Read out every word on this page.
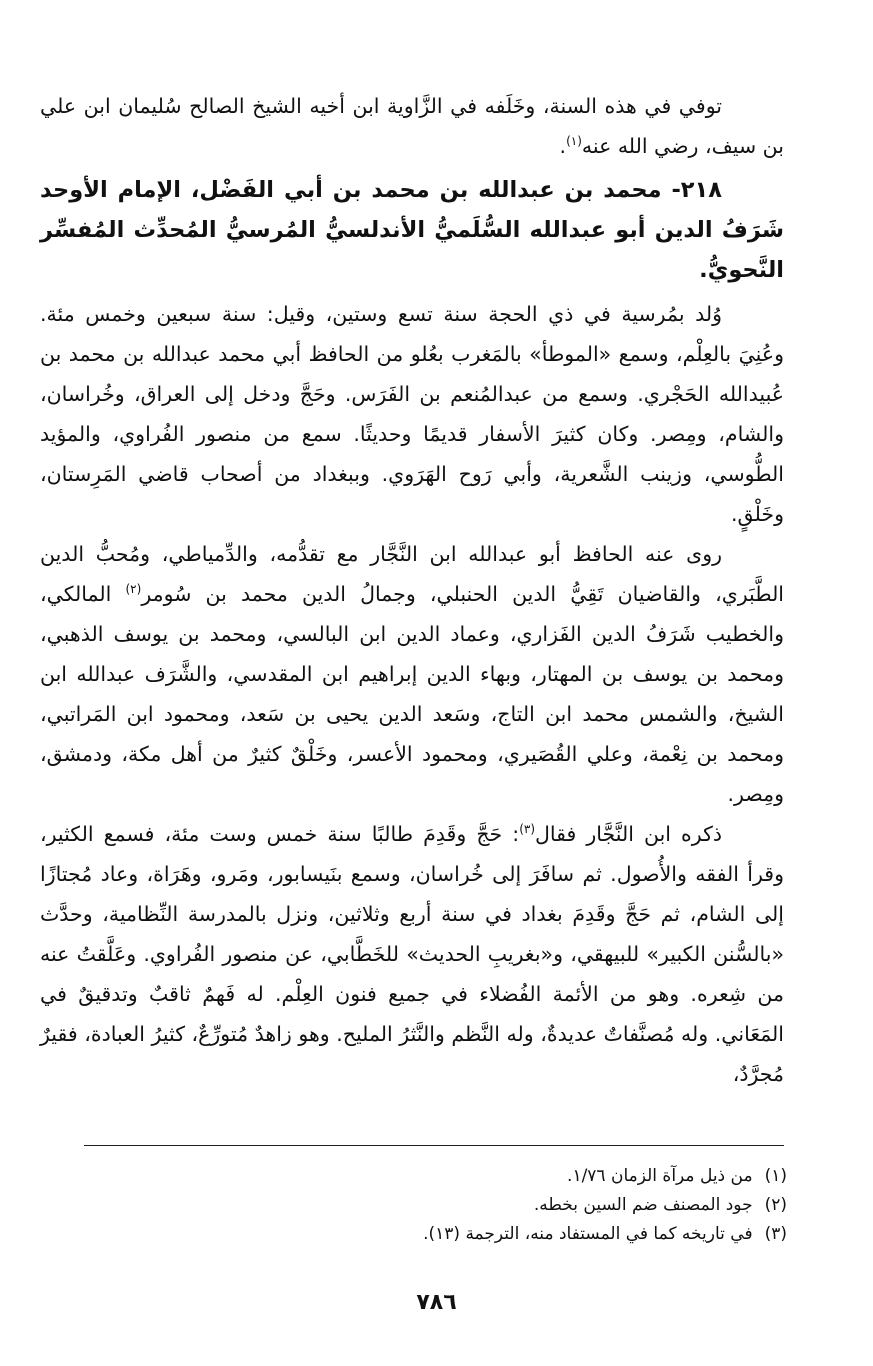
توفي في هذه السنة، وخَلَفه في الزَّاوية ابن أخيه الشيخ الصالح سُليمان ابن علي بن سيف، رضي الله عنه$^{(١)}$.

٢١٨- محمد بن عبدالله بن محمد بن أبي الفَضْل، الإمام الأوحد شَرَفُ الدين أبو عبدالله السُّلَميُّ الأندلسيُّ المُرسيُّ المُحدِّث المُفسِّر النَّحويُّ.

وُلد بمُرسية في ذي الحجة سنة تسع وستين، وقيل: سنة سبعين وخمس مئة. وعُنِيَ بالعِلْم، وسمع «الموطأ» بالمَغرب بعُلو من الحافظ أبي محمد عبدالله بن محمد بن عُبيدالله الحَجْري. وسمع من عبدالمُنعم بن الفَرَس. وحَجَّ ودخل إلى العراق، وخُراسان، والشام، ومِصر. وكان كثيرَ الأسفار قديمًا وحديثًا. سمع من منصور الفُراوي، والمؤيد الطُّوسي، وزينب الشَّعرية، وأبي رَوح الهَرَوي. وببغداد من أصحاب قاضي المَرِستان، وخَلْقٍ.

روى عنه الحافظ أبو عبدالله ابن النَّجَّار مع تقدُّمه، والدِّمياطي، ومُحبُّ الدين الطَّبَري، والقاضيان تَقِيُّ الدين الحنبلي، وجمالُ الدين محمد بن سُومر$^{(٢)}$ المالكي، والخطيب شَرَفُ الدين الفَزاري، وعماد الدين ابن البالسي، ومحمد بن يوسف الذهبي، ومحمد بن يوسف بن المهتار، وبهاء الدين إبراهيم ابن المقدسي، والشَّرَف عبدالله ابن الشيخ، والشمس محمد ابن التاج، وسَعد الدين يحيى بن سَعد، ومحمود ابن المَراتبي، ومحمد بن نِعْمة، وعلي القُصَيري، ومحمود الأعسر، وخَلْقٌ كثيرٌ من أهل مكة، ودمشق، ومِصر.

ذكره ابن النَّجَّار فقال$^{(٣)}$: حَجَّ وقَدِمَ طالبًا سنة خمس وست مئة، فسمع الكثير، وقرأ الفقه والأُصول. ثم سافَرَ إلى خُراسان، وسمع بنَيسابور، ومَرو، وهَرَاة، وعاد مُجتازًا إلى الشام، ثم حَجَّ وقَدِمَ بغداد في سنة أربع وثلاثين، ونزل بالمدرسة النِّظامية، وحدَّث «بالسُّنن الكبير» للبيهقي، و«بغريبِ الحديث» للخَطَّابي، عن منصور الفُراوي. وعَلَّقتُ عنه من شِعره. وهو من الأئمة الفُضلاء في جميع فنون العِلْم. له فَهمٌ ثاقبٌ وتدقيقٌ في المَعَاني. وله مُصنَّفاتٌ عديدةٌ، وله النَّظم والنَّثرُ المليح. وهو زاهدٌ مُتورِّعٌ، كثيرُ العبادة، فقيرٌ مُجرَّدٌ،

(١)من ذيل مرآة الزمان ١/٧٦.
(٢)جود المصنف ضم السين بخطه.
(٣)في تاريخه كما في المستفاد منه، الترجمة (١٣).
٧٨٦
